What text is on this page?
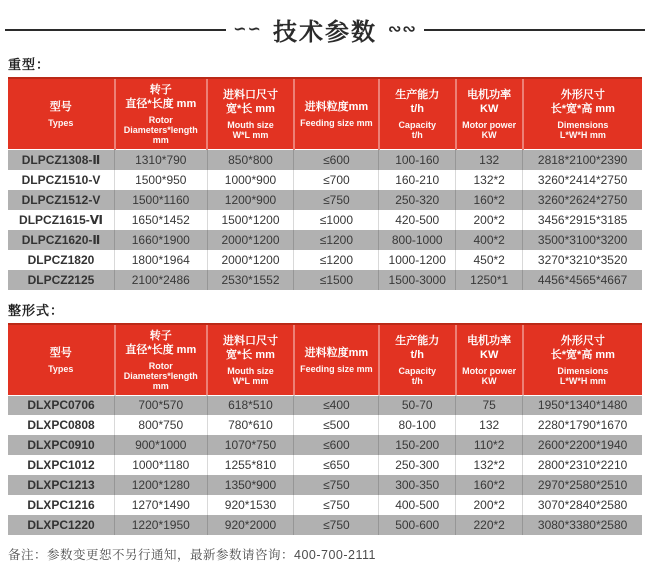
∽∽ 技术参数 ∾∾
重型：
型号
Types

转子
直径*长度 mm
Rotor
Diameters*length
mm

进料口尺寸
宽*长 mm
Mouth size
W*L mm

进料粒度mm
Feeding size mm

生产能力
t/h
Capacity
t/h

电机功率
KW
Motor power
KW

外形尺寸
长*宽*高 mm
Dimensions
L*W*H mm

DLPCZ1308-Ⅱ	1310*790	850*800	≤600	100-160	132	2818*2100*2390
DLPCZ1510-V	1500*950	1000*900	≤700	160-210	132*2	3260*2414*2750
DLPCZ1512-V	1500*1160	1200*900	≤750	250-320	160*2	3260*2624*2750
DLPCZ1615-Ⅵ	1650*1452	1500*1200	≤1000	420-500	200*2	3456*2915*3185
DLPCZ1620-Ⅱ	1660*1900	2000*1200	≤1200	800-1000	400*2	3500*3100*3200
DLPCZ1820	1800*1964	2000*1200	≤1200	1000-1200	450*2	3270*3210*3520
DLPCZ2125	2100*2486	2530*1552	≤1500	1500-3000	1250*1	4456*4565*4667
整形式：
型号
Types

转子
直径*长度 mm
Rotor
Diameters*length
mm

进料口尺寸
宽*长 mm
Mouth size
W*L mm

进料粒度mm
Feeding size mm

生产能力
t/h
Capacity
t/h

电机功率
KW
Motor power
KW

外形尺寸
长*宽*高 mm
Dimensions
L*W*H mm

DLXPC0706	700*570	618*510	≤400	50-70	75	1950*1340*1480
DLXPC0808	800*750	780*610	≤500	80-100	132	2280*1790*1670
DLXPC0910	900*1000	1070*750	≤600	150-200	110*2	2600*2200*1940
DLXPC1012	1000*1180	1255*810	≤650	250-300	132*2	2800*2310*2210
DLXPC1213	1200*1280	1350*900	≤750	300-350	160*2	2970*2580*2510
DLXPC1216	1270*1490	920*1530	≤750	400-500	200*2	3070*2840*2580
DLXPC1220	1220*1950	920*2000	≤750	500-600	220*2	3080*3380*2580
备注：参数变更恕不另行通知，最新参数请咨询：400-700-2111
